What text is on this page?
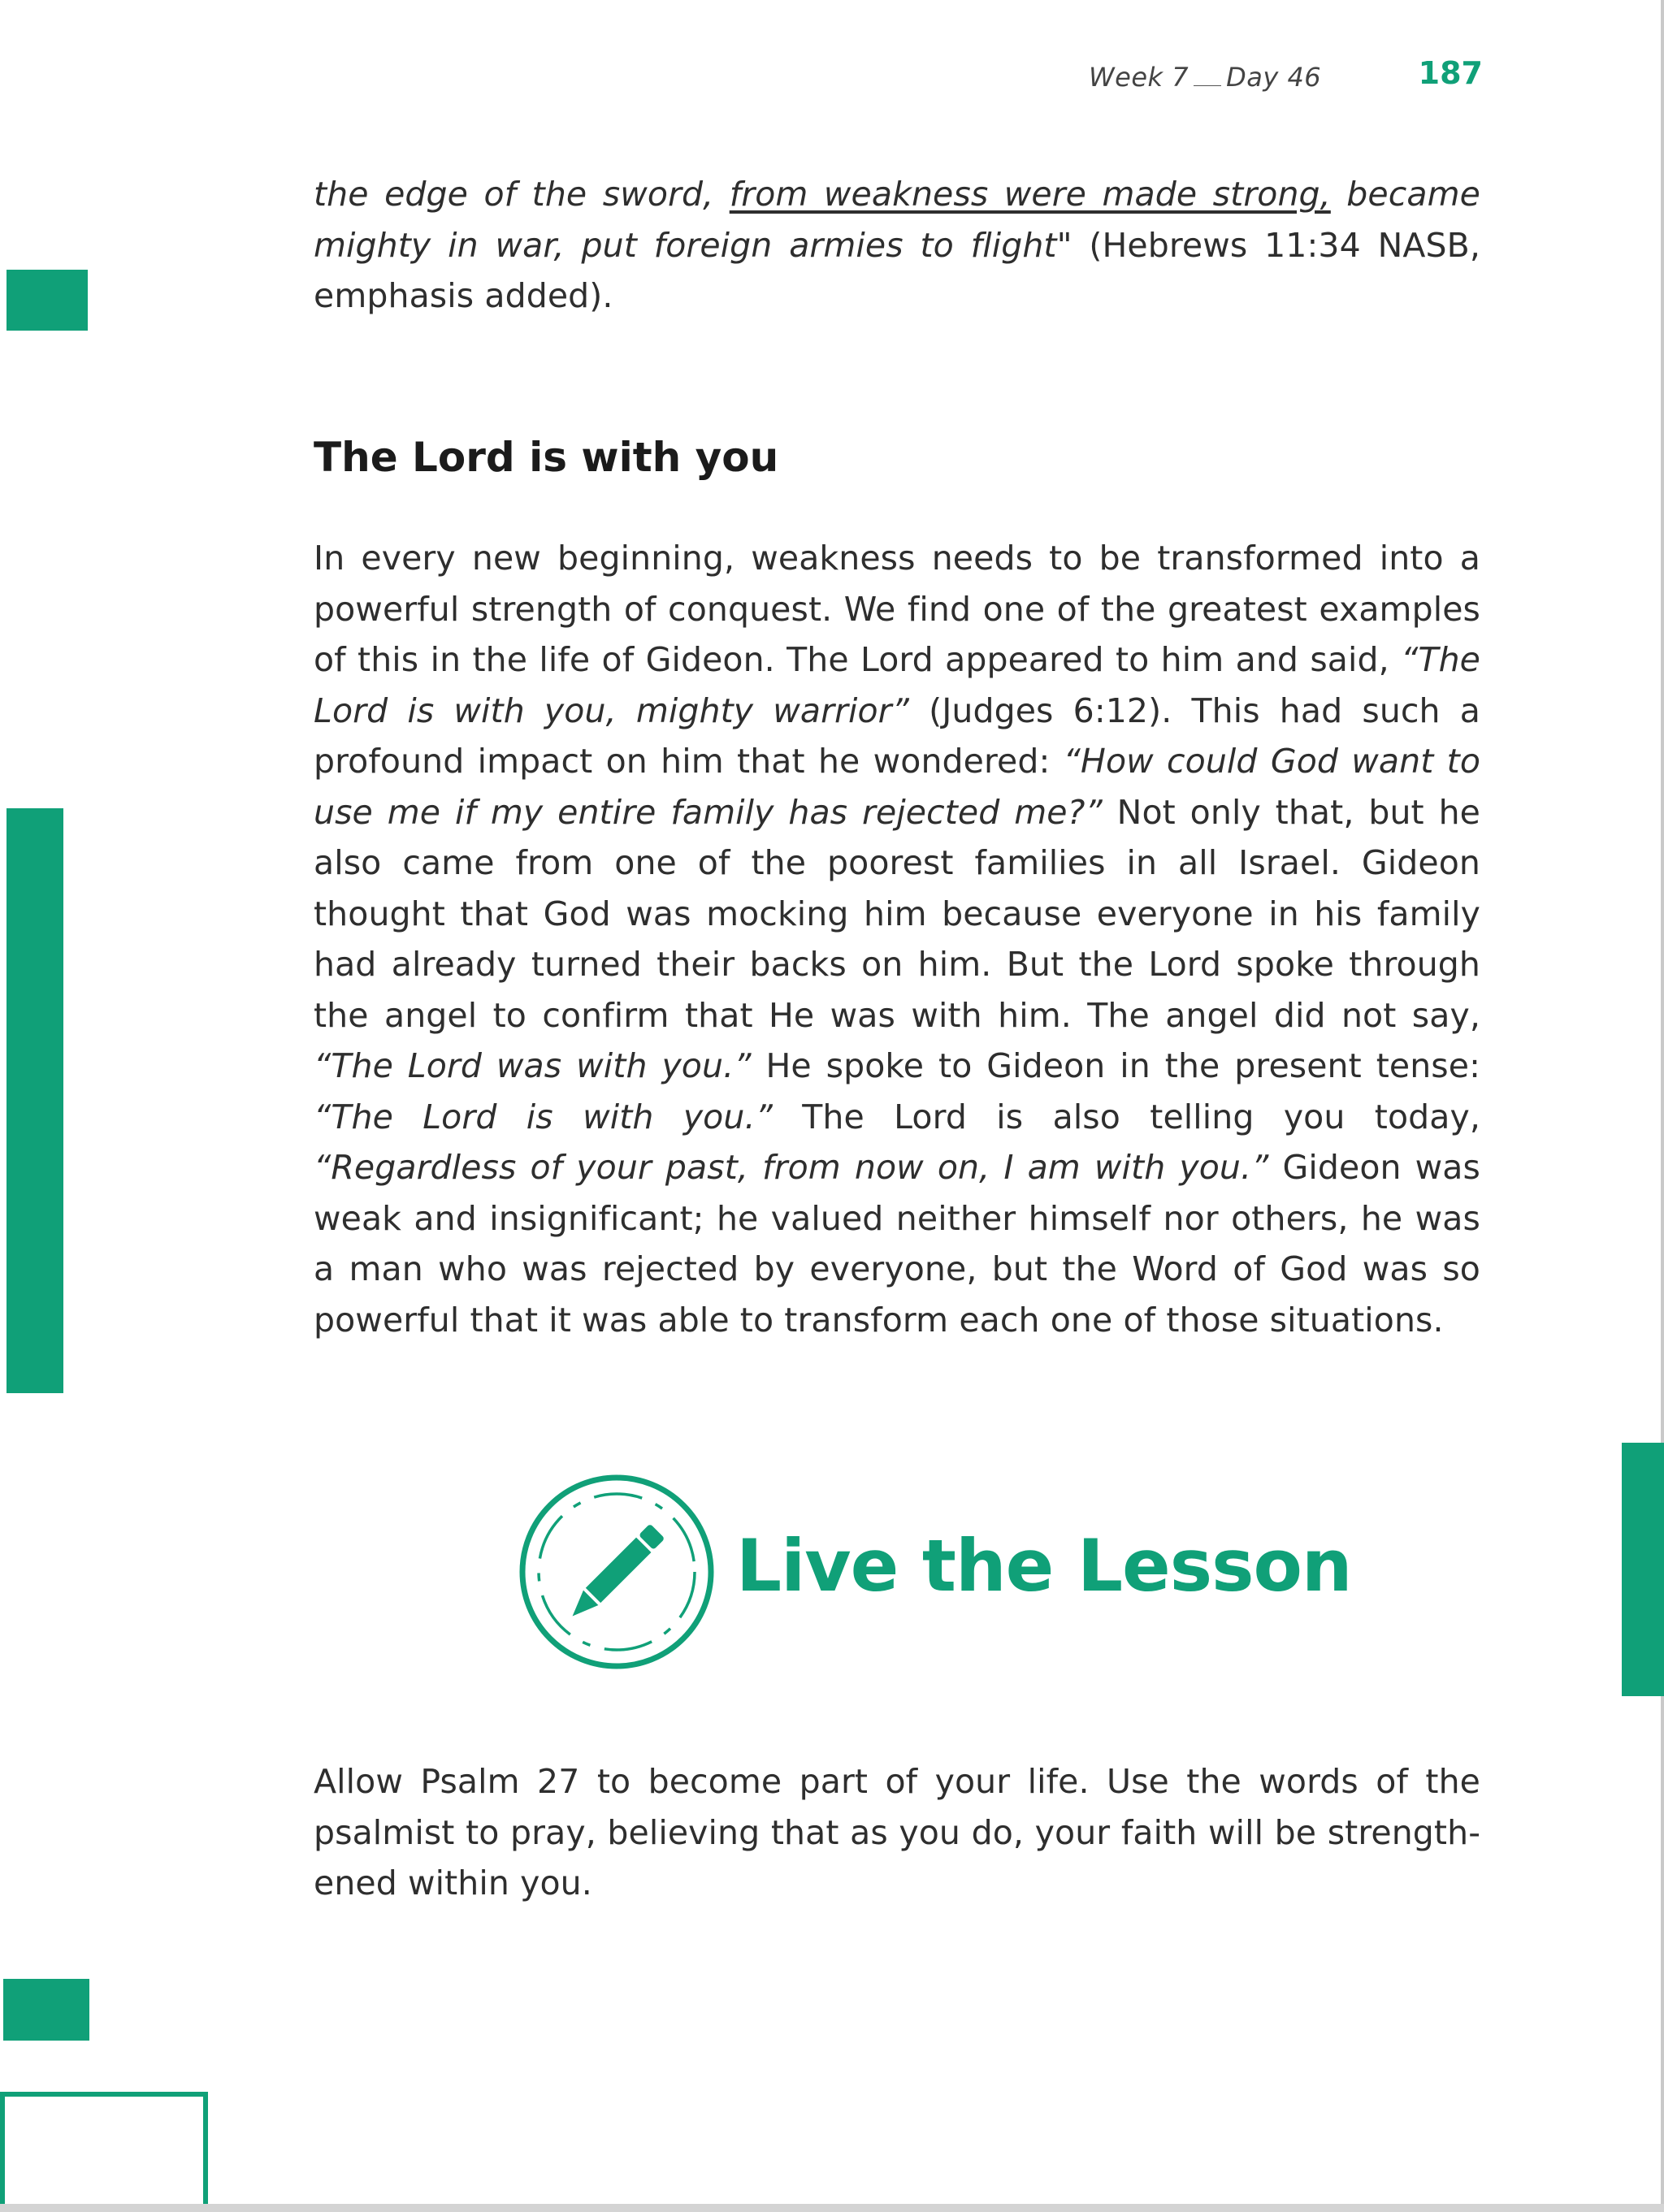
Week 7 Day 46	187

the edge of the sword, from weakness were made strong, became mighty in war, put foreign armies to flight" (Hebrews 11:34 NASB, emphasis added).

The Lord is with you

In every new beginning, weakness needs to be transformed into a powerful strength of conquest. We find one of the greatest examples of this in the life of Gideon. The Lord appeared to him and said, “The Lord is with you, mighty warrior” (Judges 6:12). This had such a profound impact on him that he wondered: “How could God want to use me if my entire family has rejected me?” Not only that, but he also came from one of the poorest families in all Israel. Gideon thought that God was mocking him because everyone in his family had already turned their backs on him. But the Lord spoke through the angel to confirm that He was with him. The angel did not say, “The Lord was with you.” He spoke to Gideon in the present tense: “The Lord is with you.” The Lord is also telling you today, “Regardless of your past, from now on, I am with you.” Gideon was weak and insignificant; he valued neither himself nor others, he was a man who was rejected by everyone, but the Word of God was so powerful that it was able to transform each one of those situations.

Live the Lesson

Allow Psalm 27 to become part of your life. Use the words of the psalmist to pray, believing that as you do, your faith will be strengthened within you.
